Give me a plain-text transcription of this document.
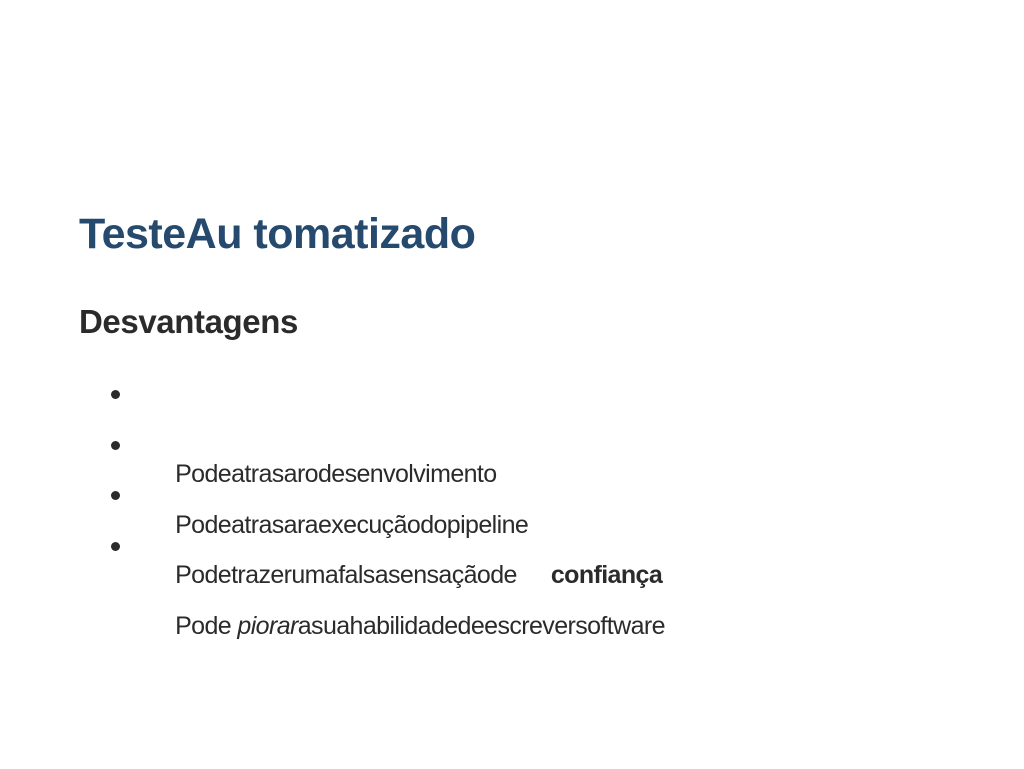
TesteAu tomatizado
Desvantagens

Podeatrasarodesenvolvimento

Podeatrasaraexecuçãodopipeline

Podetrazerumafalsasensaçãode confiança

Pode piorarasuahabilidadedeescreversoftware
